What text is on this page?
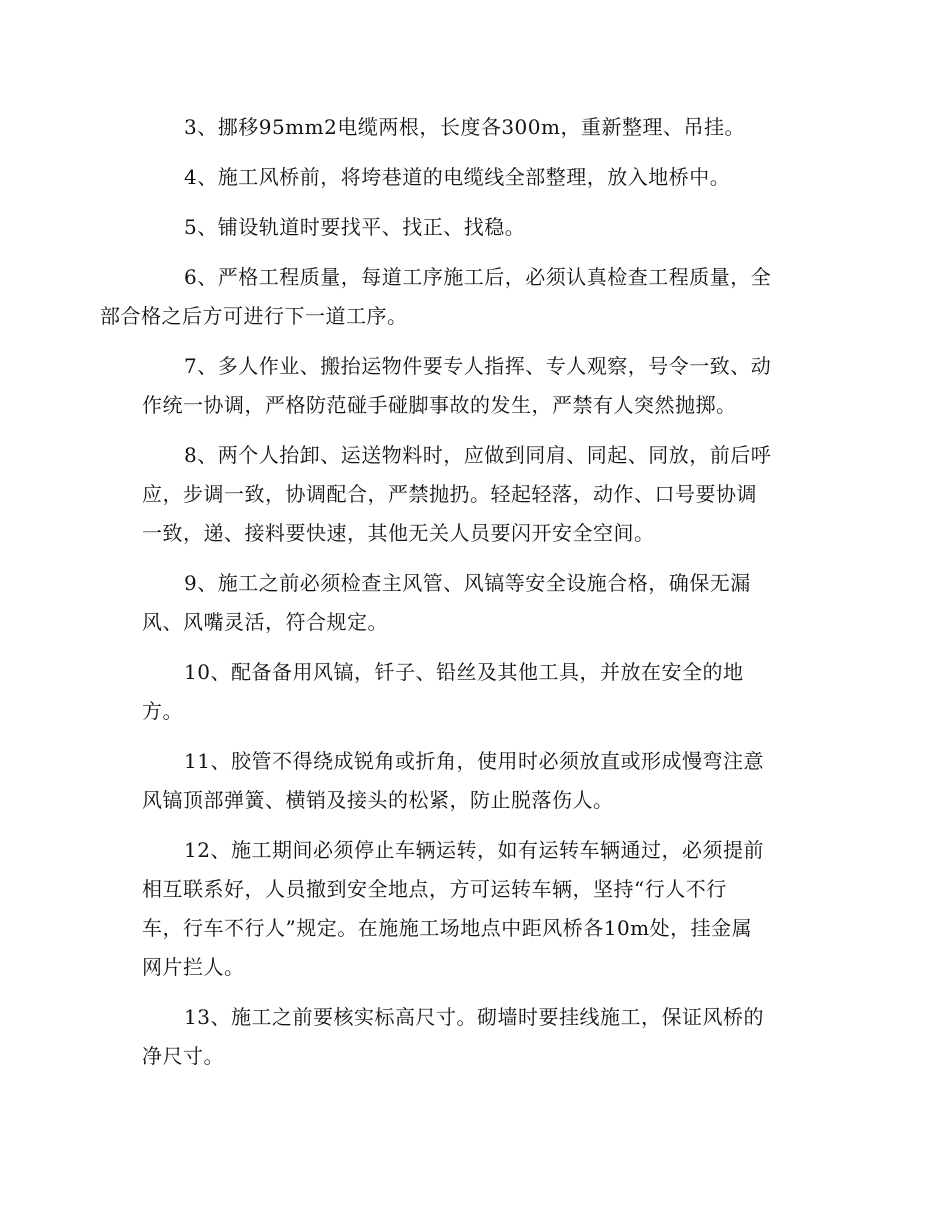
3、挪移95mm2电缆两根，长度各300m，重新整理、吊挂。

4、施工风桥前，将垮巷道的电缆线全部整理，放入地桥中。

5、铺设轨道时要找平、找正、找稳。

6、严格工程质量，每道工序施工后，必须认真检查工程质量，全
部合格之后方可进行下一道工序。

7、多人作业、搬抬运物件要专人指挥、专人观察，号令一致、动
作统一协调，严格防范碰手碰脚事故的发生，严禁有人突然抛掷。

8、两个人抬卸、运送物料时，应做到同肩、同起、同放，前后呼
应，步调一致，协调配合，严禁抛扔。轻起轻落，动作、口号要协调
一致，递、接料要快速，其他无关人员要闪开安全空间。

9、施工之前必须检查主风管、风镐等安全设施合格，确保无漏
风、风嘴灵活，符合规定。

10、配备备用风镐，钎子、铅丝及其他工具，并放在安全的地
方。

11、胶管不得绕成锐角或折角，使用时必须放直或形成慢弯注意
风镐顶部弹簧、横销及接头的松紧，防止脱落伤人。

12、施工期间必须停止车辆运转，如有运转车辆通过，必须提前
相互联系好，人员撤到安全地点，方可运转车辆，坚持“行人不行
车，行车不行人”规定。在施施工场地点中距风桥各10m处，挂金属
网片拦人。

13、施工之前要核实标高尺寸。砌墙时要挂线施工，保证风桥的
净尺寸。
